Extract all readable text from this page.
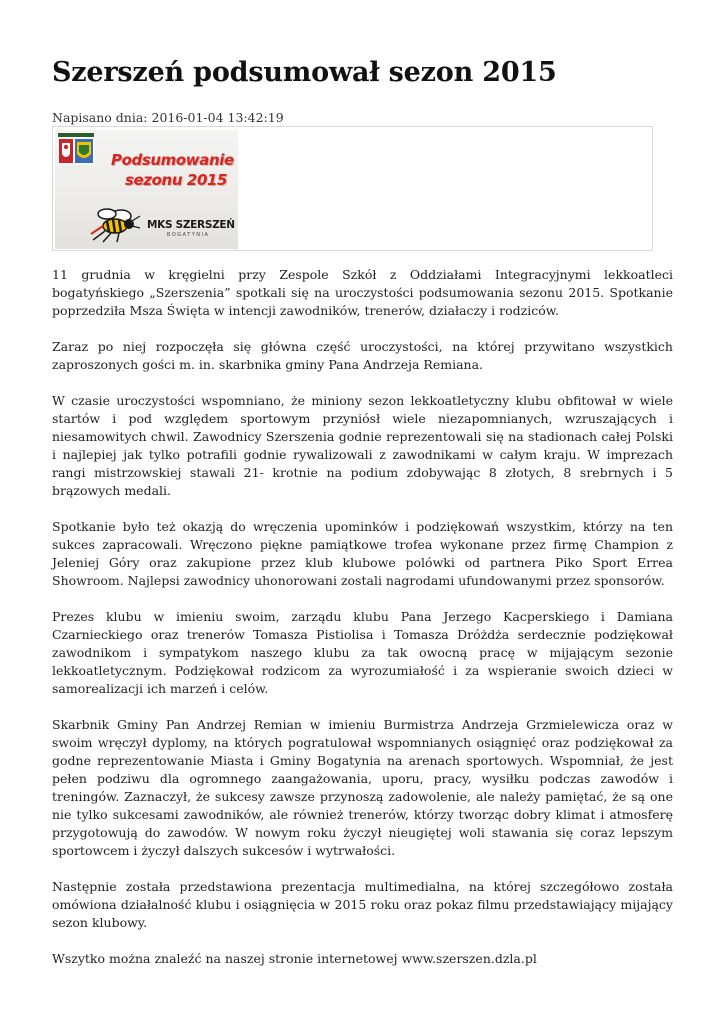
Szerszeń podsumował sezon 2015
Napisano dnia: 2016-01-04 13:42:19
Podsumowanie
sezonu 2015
MKS SZERSZEŃ
BOGATYNIA

11 grudnia w kręgielni przy Zespole Szkół z Oddziałami Integracyjnymi lekkoatleci bogatyńskiego „Szerszenia” spotkali się na uroczystości podsumowania sezonu 2015. Spotkanie poprzedziła Msza Święta w intencji zawodników, trenerów, działaczy i rodziców.

Zaraz po niej rozpoczęła się główna część uroczystości, na której przywitano wszystkich zaproszonych gości m. in. skarbnika gminy Pana Andrzeja Remiana.

W czasie uroczystości wspomniano, że miniony sezon lekkoatletyczny klubu obfitował w wiele startów i pod względem sportowym przyniósł wiele niezapomnianych, wzruszających i niesamowitych chwil. Zawodnicy Szerszenia godnie reprezentowali się na stadionach całej Polski i najlepiej jak tylko potrafili godnie rywalizowali z zawodnikami w całym kraju. W imprezach rangi mistrzowskiej stawali 21- krotnie na podium zdobywając 8 złotych, 8 srebrnych i 5 brązowych medali.

Spotkanie było też okazją do wręczenia upominków i podziękowań wszystkim, którzy na ten sukces zapracowali. Wręczono piękne pamiątkowe trofea wykonane przez firmę Champion z Jeleniej Góry oraz zakupione przez klub klubowe polówki od partnera Piko Sport Errea Showroom. Najlepsi zawodnicy uhonorowani zostali nagrodami ufundowanymi przez sponsorów.

Prezes klubu w imieniu swoim, zarządu klubu Pana Jerzego Kacperskiego i Damiana Czarnieckiego oraz trenerów Tomasza Pistiolisa i Tomasza Dróżdża serdecznie podziękował zawodnikom i sympatykom naszego klubu za tak owocną pracę w mijającym sezonie lekkoatletycznym. Podziękował rodzicom za wyrozumiałość i za wspieranie swoich dzieci w samorealizacji ich marzeń i celów.

Skarbnik Gminy Pan Andrzej Remian w imieniu Burmistrza Andrzeja Grzmielewicza oraz w swoim wręczył dyplomy, na których pogratulował wspomnianych osiągnięć oraz podziękował za godne reprezentowanie Miasta i Gminy Bogatynia na arenach sportowych. Wspomniał, że jest pełen podziwu dla ogromnego zaangażowania, uporu, pracy, wysiłku podczas zawodów i treningów. Zaznaczył, że sukcesy zawsze przynoszą zadowolenie, ale należy pamiętać, że są one nie tylko sukcesami zawodników, ale również trenerów, którzy tworząc dobry klimat i atmosferę przygotowują do zawodów. W nowym roku życzył nieugiętej woli stawania się coraz lepszym sportowcem i życzył dalszych sukcesów i wytrwałości.

Następnie została przedstawiona prezentacja multimedialna, na której szczegółowo została omówiona działalność klubu i osiągnięcia w 2015 roku oraz pokaz filmu przedstawiający mijający sezon klubowy.

Wszytko można znaleźć na naszej stronie internetowej www.szerszen.dzla.pl
